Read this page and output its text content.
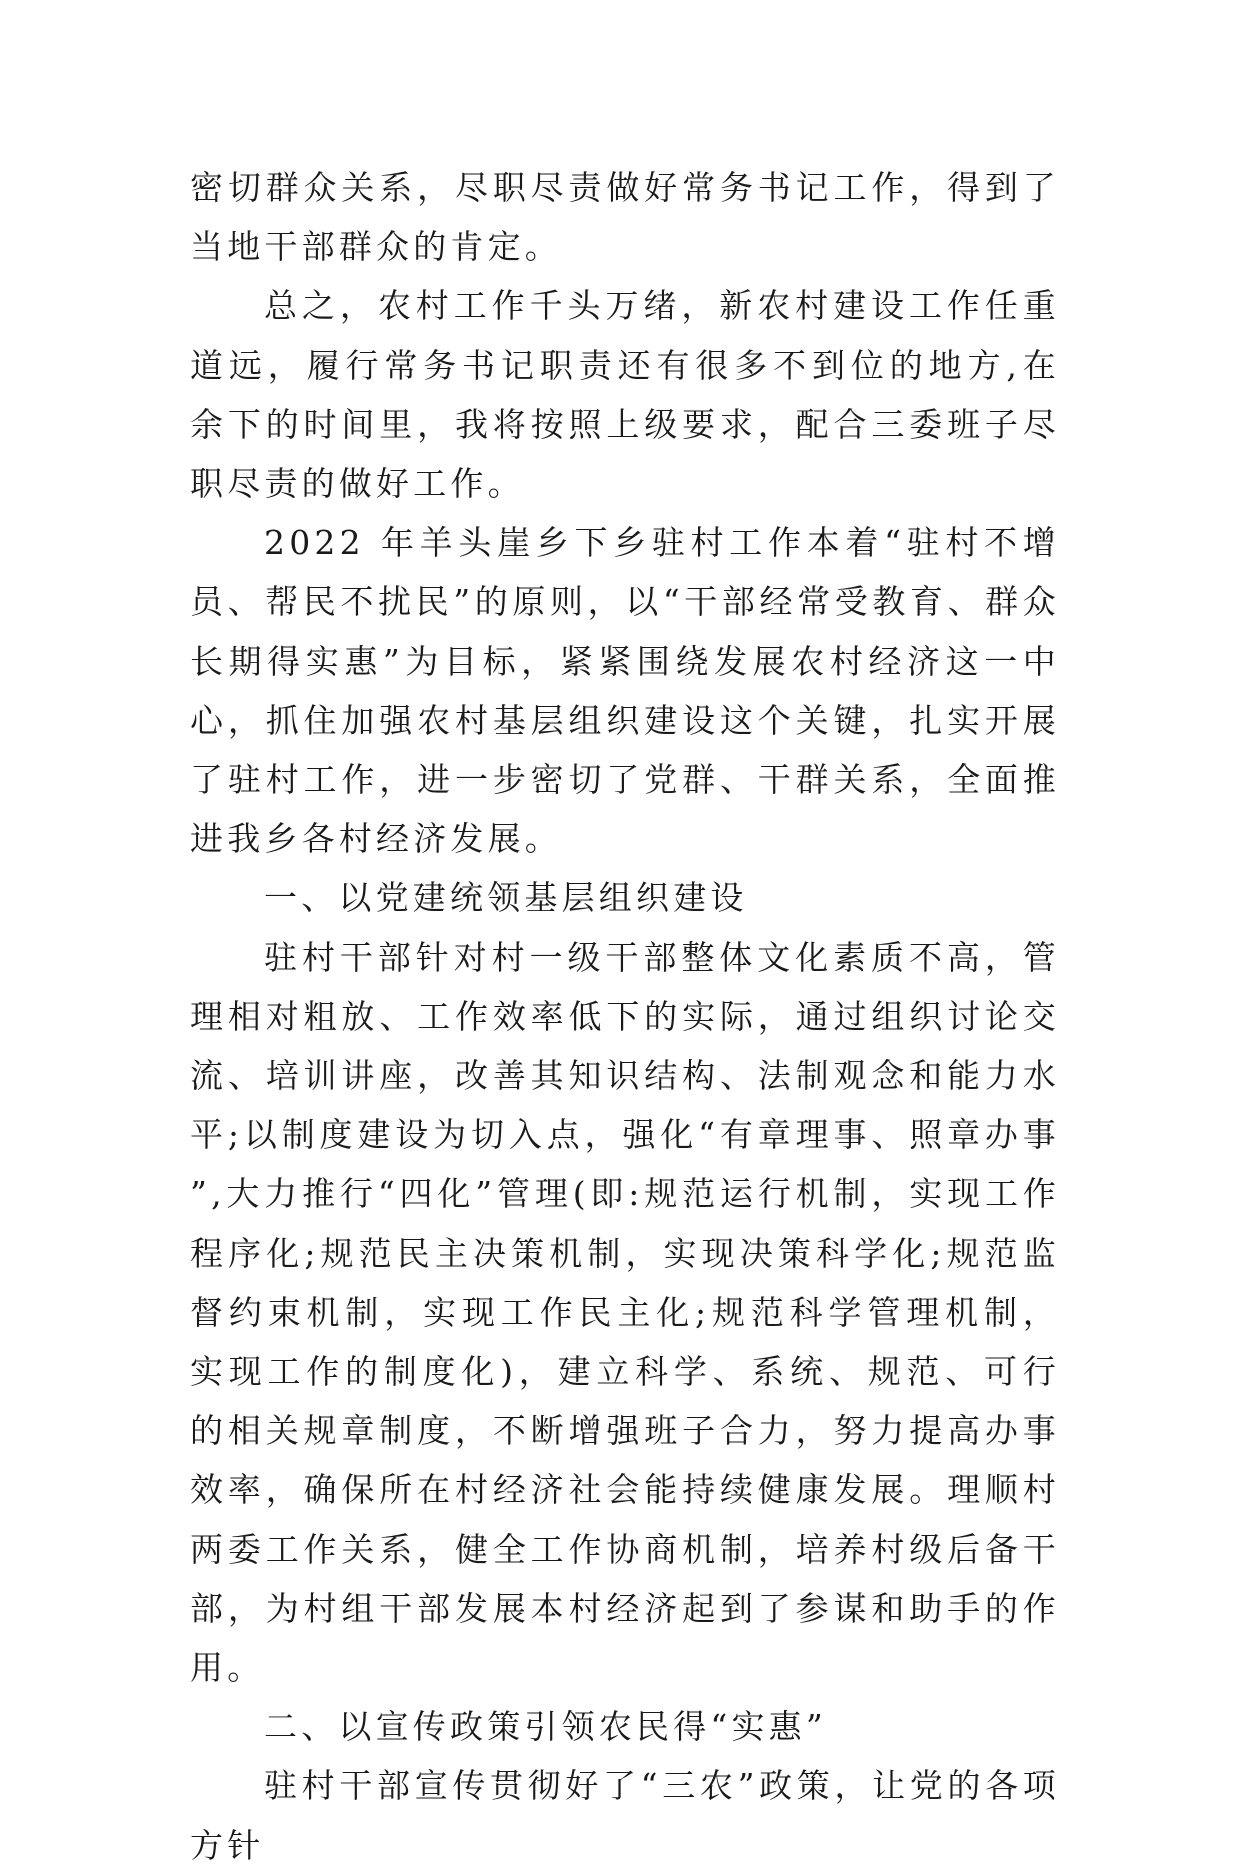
密切群众关系，尽职尽责做好常务书记工作，得到了当地干部群众的肯定。

总之，农村工作千头万绪，新农村建设工作任重道远，履行常务书记职责还有很多不到位的地方,在余下的时间里，我将按照上级要求，配合三委班子尽职尽责的做好工作。

2022 年羊头崖乡下乡驻村工作本着“驻村不增员、帮民不扰民”的原则，以“干部经常受教育、群众长期得实惠”为目标，紧紧围绕发展农村经济这一中心，抓住加强农村基层组织建设这个关键，扎实开展了驻村工作，进一步密切了党群、干群关系，全面推进我乡各村经济发展。

一、以党建统领基层组织建设

驻村干部针对村一级干部整体文化素质不高，管理相对粗放、工作效率低下的实际，通过组织讨论交流、培训讲座，改善其知识结构、法制观念和能力水平;以制度建设为切入点，强化“有章理事、照章办事”,大力推行“四化”管理(即:规范运行机制，实现工作程序化;规范民主决策机制，实现决策科学化;规范监督约束机制，实现工作民主化;规范科学管理机制，实现工作的制度化)，建立科学、系统、规范、可行的相关规章制度，不断增强班子合力，努力提高办事效率，确保所在村经济社会能持续健康发展。理顺村两委工作关系，健全工作协商机制，培养村级后备干部，为村组干部发展本村经济起到了参谋和助手的作用。

二、以宣传政策引领农民得“实惠”

驻村干部宣传贯彻好了“三农”政策，让党的各项方针
